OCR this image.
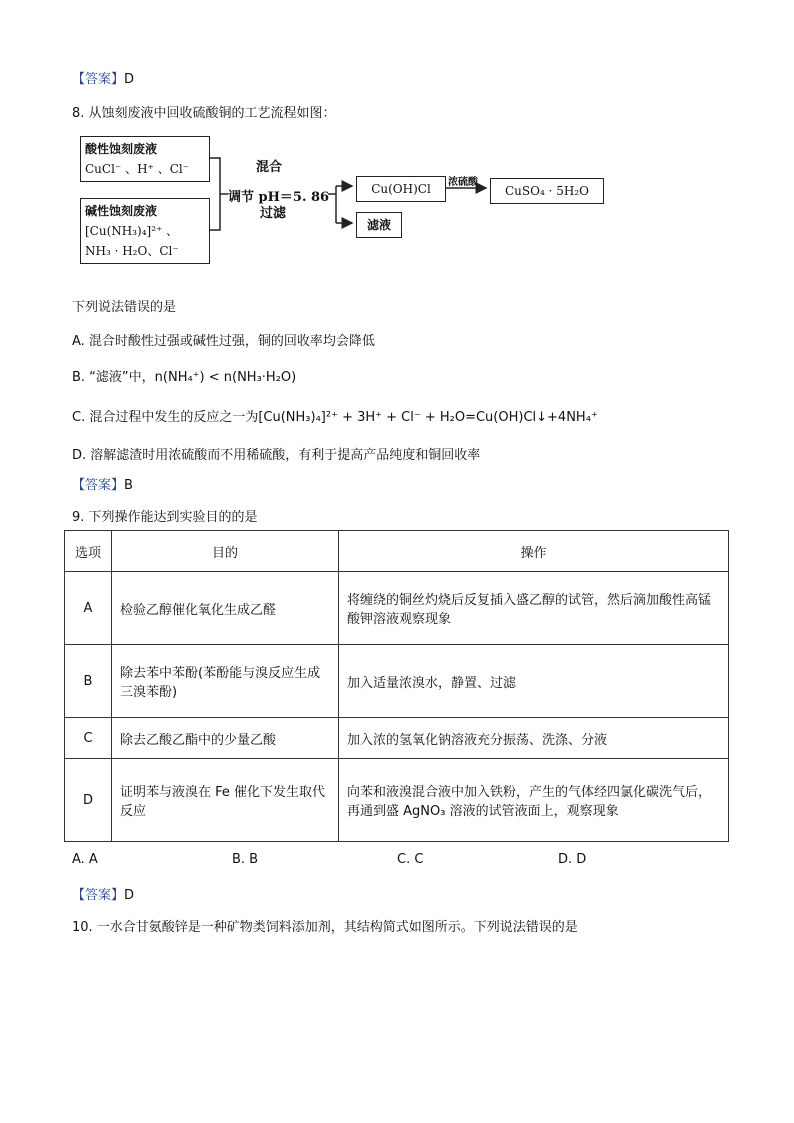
【答案】D
8. 从蚀刻废液中回收硫酸铜的工艺流程如图：
酸性蚀刻废液
CuCl⁻ 、H⁺ 、Cl⁻
碱性蚀刻废液
[Cu(NH₃)₄]²⁺ 、
NH₃ · H₂O、Cl⁻
混合
调节 pH＝5. 86
过滤
Cu(OH)Cl	浓硫酸
CuSO₄ · 5H₂O
滤液
下列说法错误的是
A. 混合时酸性过强或碱性过强，铜的回收率均会降低
B. “滤液”中，n(NH₄⁺) < n(NH₃·H₂O)
C. 混合过程中发生的反应之一为[Cu(NH₃)₄]²⁺ + 3H⁺ + Cl⁻ + H₂O=Cu(OH)Cl↓+4NH₄⁺
D. 溶解滤渣时用浓硫酸而不用稀硫酸，有利于提高产品纯度和铜回收率
【答案】B
9. 下列操作能达到实验目的的是
选项	目的	操作
A	检验乙醇催化氧化生成乙醛	将缠绕的铜丝灼烧后反复插入盛乙醇的试管，然后滴加酸性高锰酸钾溶液观察现象
B	除去苯中苯酚(苯酚能与溴反应生成三溴苯酚)	加入适量浓溴水，静置、过滤
C	除去乙酸乙酯中的少量乙酸	加入浓的氢氧化钠溶液充分振荡、洗涤、分液
D	证明苯与液溴在 Fe 催化下发生取代反应	向苯和液溴混合液中加入铁粉，产生的气体经四氯化碳洗气后，再通到盛 AgNO₃ 溶液的试管液面上，观察现象
A. A	B. B	C. C	D. D
【答案】D
10. 一水合甘氨酸锌是一种矿物类饲料添加剂，其结构简式如图所示。下列说法错误的是
